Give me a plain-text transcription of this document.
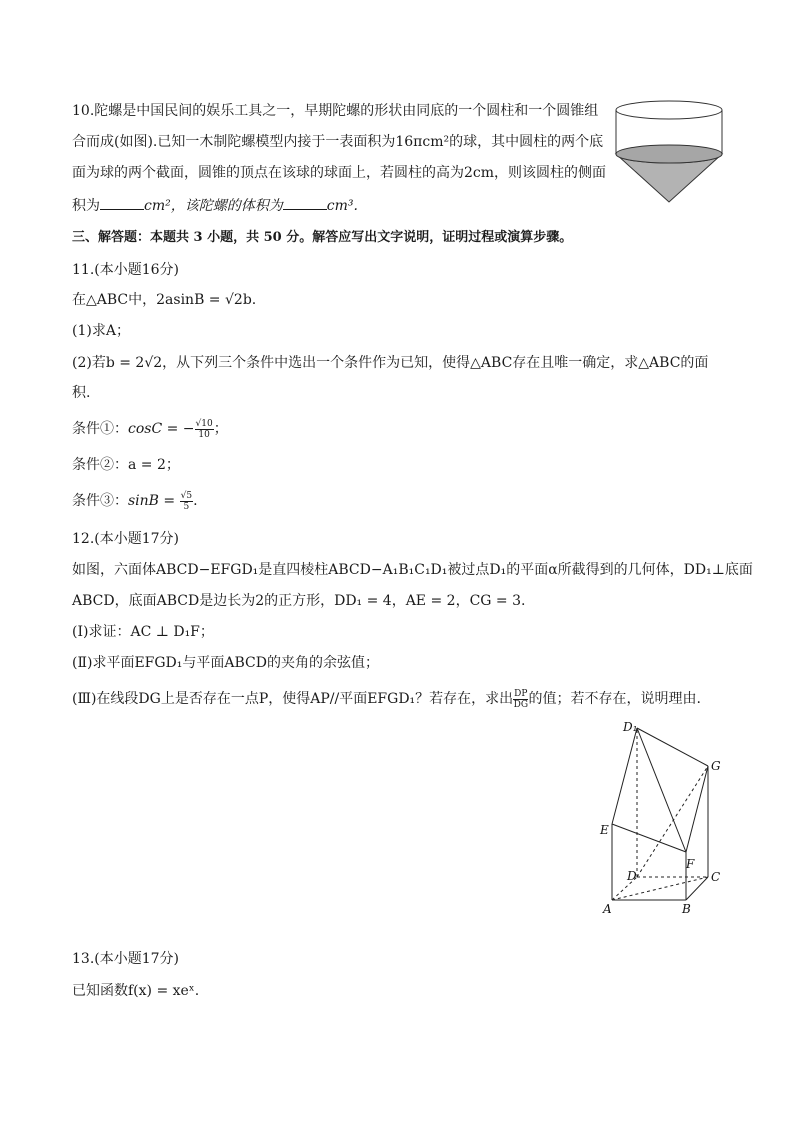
10.陀螺是中国民间的娱乐工具之一，早期陀螺的形状由同底的一个圆柱和一个圆锥组
合而成(如图).已知一木制陀螺模型内接于一表面积为16πcm²的球，其中圆柱的两个底
面为球的两个截面，圆锥的顶点在该球的球面上，若圆柱的高为2cm，则该圆柱的侧面
积为	cm²，该陀螺的体积为	cm³.
三、解答题：本题共 3 小题，共 50 分。解答应写出文字说明，证明过程或演算步骤。
11.(本小题16分)
在△ABC中，2asinB = √2b.
(1)求A；
(2)若b = 2√2，从下列三个条件中选出一个条件作为已知，使得△ABC存在且唯一确定，求△ABC的面
积.
条件①：cosC = − $\frac{√10}{10}$ ；
条件②：a = 2；
条件③：$\sin B = \frac{√5}{5}$ .
12.(本小题17分)
如图，六面体ABCD−EFGD₁是直四棱柱ABCD−A₁B₁C₁D₁被过点D₁的平面α所截得到的几何体，DD₁⊥底面
ABCD，底面ABCD是边长为2的正方形，DD₁ = 4，AE = 2，CG = 3.
(Ⅰ)求证：AC ⊥ D₁F；
(Ⅱ)求平面EFGD₁与平面ABCD的夹角的余弦值；
(Ⅲ)在线段DG上是否存在一点P，使得AP//平面EFGD₁？若存在，求出 $\frac{DP}{DG}$ 的值；若不存在，说明理由.
D₁
G
E
F
D	C
A	B
13.(本小题17分)
已知函数f(x) = xeˣ.
